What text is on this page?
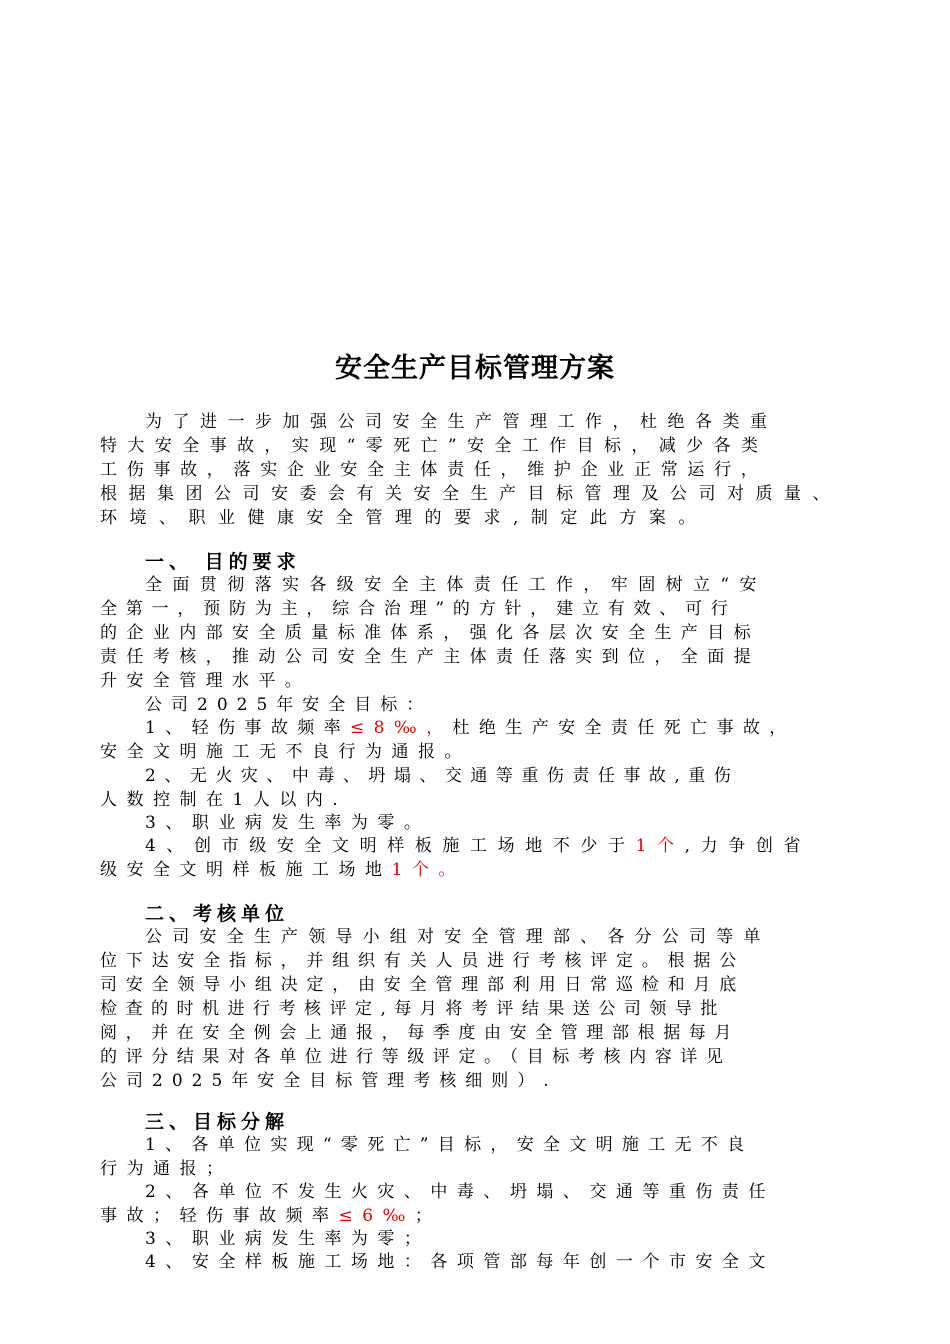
安全生产目标管理方案
为了进一步加强公司安全生产管理工作，杜绝各类重
特大安全事故，实现“零死亡”安全工作目标，减少各类
工伤事故，落实企业安全主体责任，维护企业正常运行，
根据集团公司安委会有关安全生产目标管理及公司对质量、
环境、职业健康安全管理的要求,制定此方案。
一、 目的要求
全面贯彻落实各级安全主体责任工作，牢固树立“安
全第一，预防为主，综合治理”的方针，建立有效、可行
的企业内部安全质量标准体系，强化各层次安全生产目标
责任考核，推动公司安全生产主体责任落实到位，全面提
升安全管理水平。
公司2025年安全目标：
1、轻伤事故频率≤8‰，杜绝生产安全责任死亡事故，
安全文明施工无不良行为通报。
2、无火灾、中毒、坍塌、交通等重伤责任事故,重伤
人数控制在1人以内.
3、职业病发生率为零。
4、创市级安全文明样板施工场地不少于1个,力争创省
级安全文明样板施工场地1个。
二、考核单位
公司安全生产领导小组对安全管理部、各分公司等单
位下达安全指标，并组织有关人员进行考核评定。根据公
司安全领导小组决定，由安全管理部利用日常巡检和月底
检查的时机进行考核评定,每月将考评结果送公司领导批
阅，并在安全例会上通报，每季度由安全管理部根据每月
的评分结果对各单位进行等级评定。（目标考核内容详见
公司2025年安全目标管理考核细则）.
三、目标分解
1、各单位实现“零死亡”目标，安全文明施工无不良
行为通报；
2、各单位不发生火灾、中毒、坍塌、交通等重伤责任
事故；轻伤事故频率≤6‰；
3、职业病发生率为零；
4、安全样板施工场地：各项管部每年创一个市安全文
